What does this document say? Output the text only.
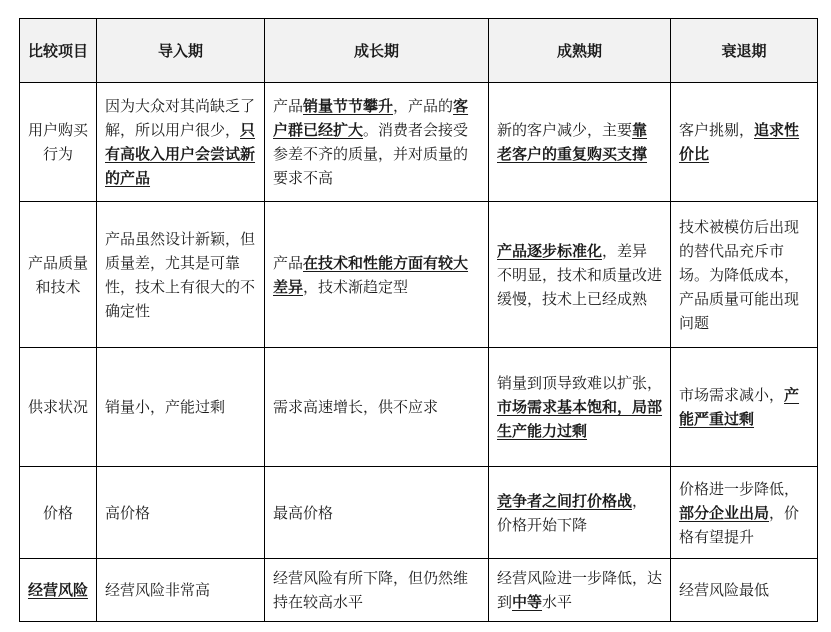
比较项目	导入期	成长期	成熟期	衰退期
用户购买行为	因为大众对其尚缺乏了解，所以用户很少，只有高收入用户会尝试新的产品	产品销量节节攀升，产品的客户群已经扩大。消费者会接受参差不齐的质量，并对质量的要求不高	新的客户减少，主要靠老客户的重复购买支撑	客户挑剔，追求性价比
产品质量和技术	产品虽然设计新颖，但质量差，尤其是可靠性，技术上有很大的不确定性	产品在技术和性能方面有较大差异，技术渐趋定型	产品逐步标准化，差异不明显，技术和质量改进缓慢，技术上已经成熟	技术被模仿后出现的替代品充斥市场。为降低成本，产品质量可能出现问题
供求状况	销量小，产能过剩	需求高速增长，供不应求	销量到顶导致难以扩张，市场需求基本饱和，局部生产能力过剩	市场需求减小，产能严重过剩
价格	高价格	最高价格	竞争者之间打价格战，价格开始下降	价格进一步降低，部分企业出局，价格有望提升
经营风险	经营风险非常高	经营风险有所下降，但仍然维持在较高水平	经营风险进一步降低，达到中等水平	经营风险最低
